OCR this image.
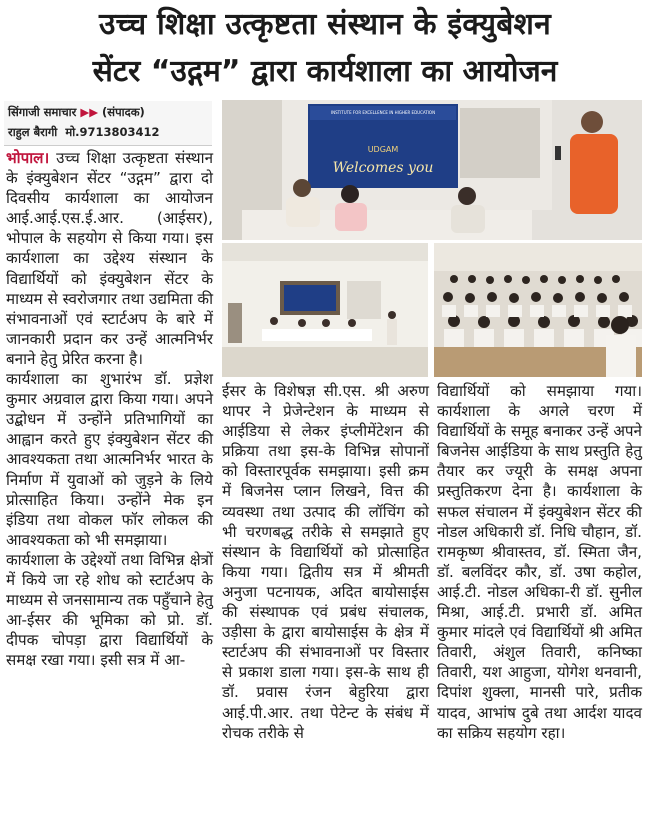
उच्च शिक्षा उत्कृष्टता संस्थान के इंक्युबेशन
सेंटर “उद्गम” द्वारा कार्यशाला का आयोजन
सिंगाजी समाचार ▶▶ (संपादक)
राहुल बैरागी मो.9713803412
INSTITUTE FOR EXCELLENCE IN HIGHER EDUCATION
UDGAM
Welcomes you

भोपाल। उच्च शिक्षा उत्कृष्टता संस्थान के इंक्युबेशन सेंटर “उद्गम” द्वारा दो दिवसीय कार्यशाला का आयोजन आई.आई.एस.ई.आर. (आईसर), भोपाल के सहयोग से किया गया। इस कार्यशाला का उद्देश्य संस्थान के विद्यार्थियों को इंक्युबेशन सेंटर के माध्यम से स्वरोजगार तथा उद्यमिता की संभावनाओं एवं स्टार्टअप के बारे में जानकारी प्रदान कर उन्हें आत्मनिर्भर बनाने हेतु प्रेरित करना है।

कार्यशाला का शुभारंभ डॉ. प्रज्ञेश कुमार अग्रवाल द्वारा किया गया। अपने उद्बोधन में उन्होंने प्रतिभागियों का आह्वान करते हुए इंक्युबेशन सेंटर की आवश्यकता तथा आत्मनिर्भर भारत के निर्माण में युवाओं को जुड़ने के लिये प्रोत्साहित किया। उन्होंने मेक इन इंडिया तथा वोकल फॉर लोकल की आवश्यकता को भी समझाया।

कार्यशाला के उद्देश्यों तथा विभिन्न क्षेत्रों में किये जा रहे शोध को स्टार्टअप के माध्यम से जनसामान्य तक पहुँचाने हेतु आ-ईसर की भूमिका को प्रो. डॉ. दीपक चोपड़ा द्वारा विद्यार्थियों के समक्ष रखा गया। इसी सत्र में आ-

ईसर के विशेषज्ञ सी.एस. श्री अरुण थापर ने प्रेजेन्टेशन के माध्यम से आईडिया से लेकर इंप्लीमेंटेशन की प्रक्रिया तथा इस-के विभिन्न सोपानों को विस्तारपूर्वक समझाया। इसी क्रम में बिजनेस प्लान लिखने, वित्त की व्यवस्था तथा उत्पाद की लॉचिंग को भी चरणबद्ध तरीके से समझाते हुए संस्थान के विद्यार्थियों को प्रोत्साहित किया गया। द्वितीय सत्र में श्रीमती अनुजा पटनायक, अदित बायोसाईस की संस्थापक एवं प्रबंध संचालक, उड़ीसा के द्वारा बायोसाईस के क्षेत्र में स्टार्टअप की संभावनाओं पर विस्तार से प्रकाश डाला गया। इस-के साथ ही डॉ. प्रवास रंजन बेहुरिया द्वारा आई.पी.आर. तथा पेटेन्ट के संबंध में रोचक तरीके से

विद्यार्थियों को समझाया गया। कार्यशाला के अगले चरण में विद्यार्थियों के समूह बनाकर उन्हें अपने बिजनेस आईडिया के साथ प्रस्तुति हेतु तैयार कर ज्यूरी के समक्ष अपना प्रस्तुतिकरण देना है। कार्यशाला के सफल संचालन में इंक्युबेशन सेंटर की नोडल अधिकारी डॉ. निधि चौहान, डॉ. रामकृष्ण श्रीवास्तव, डॉ. स्मिता जैन, डॉ. बलविंदर कौर, डॉ. उषा कहोल, आई.टी. नोडल अधिका-री डॉ. सुनील मिश्रा, आई.टी. प्रभारी डॉ. अमित कुमार मांदले एवं विद्यार्थियों श्री अमित तिवारी, अंशुल तिवारी, कनिष्का तिवारी, यश आहुजा, योगेश थनवानी, दिपांश शुक्ला, मानसी पारे, प्रतीक यादव, आभांष दुबे तथा आर्दश यादव का सक्रिय सहयोग रहा।
